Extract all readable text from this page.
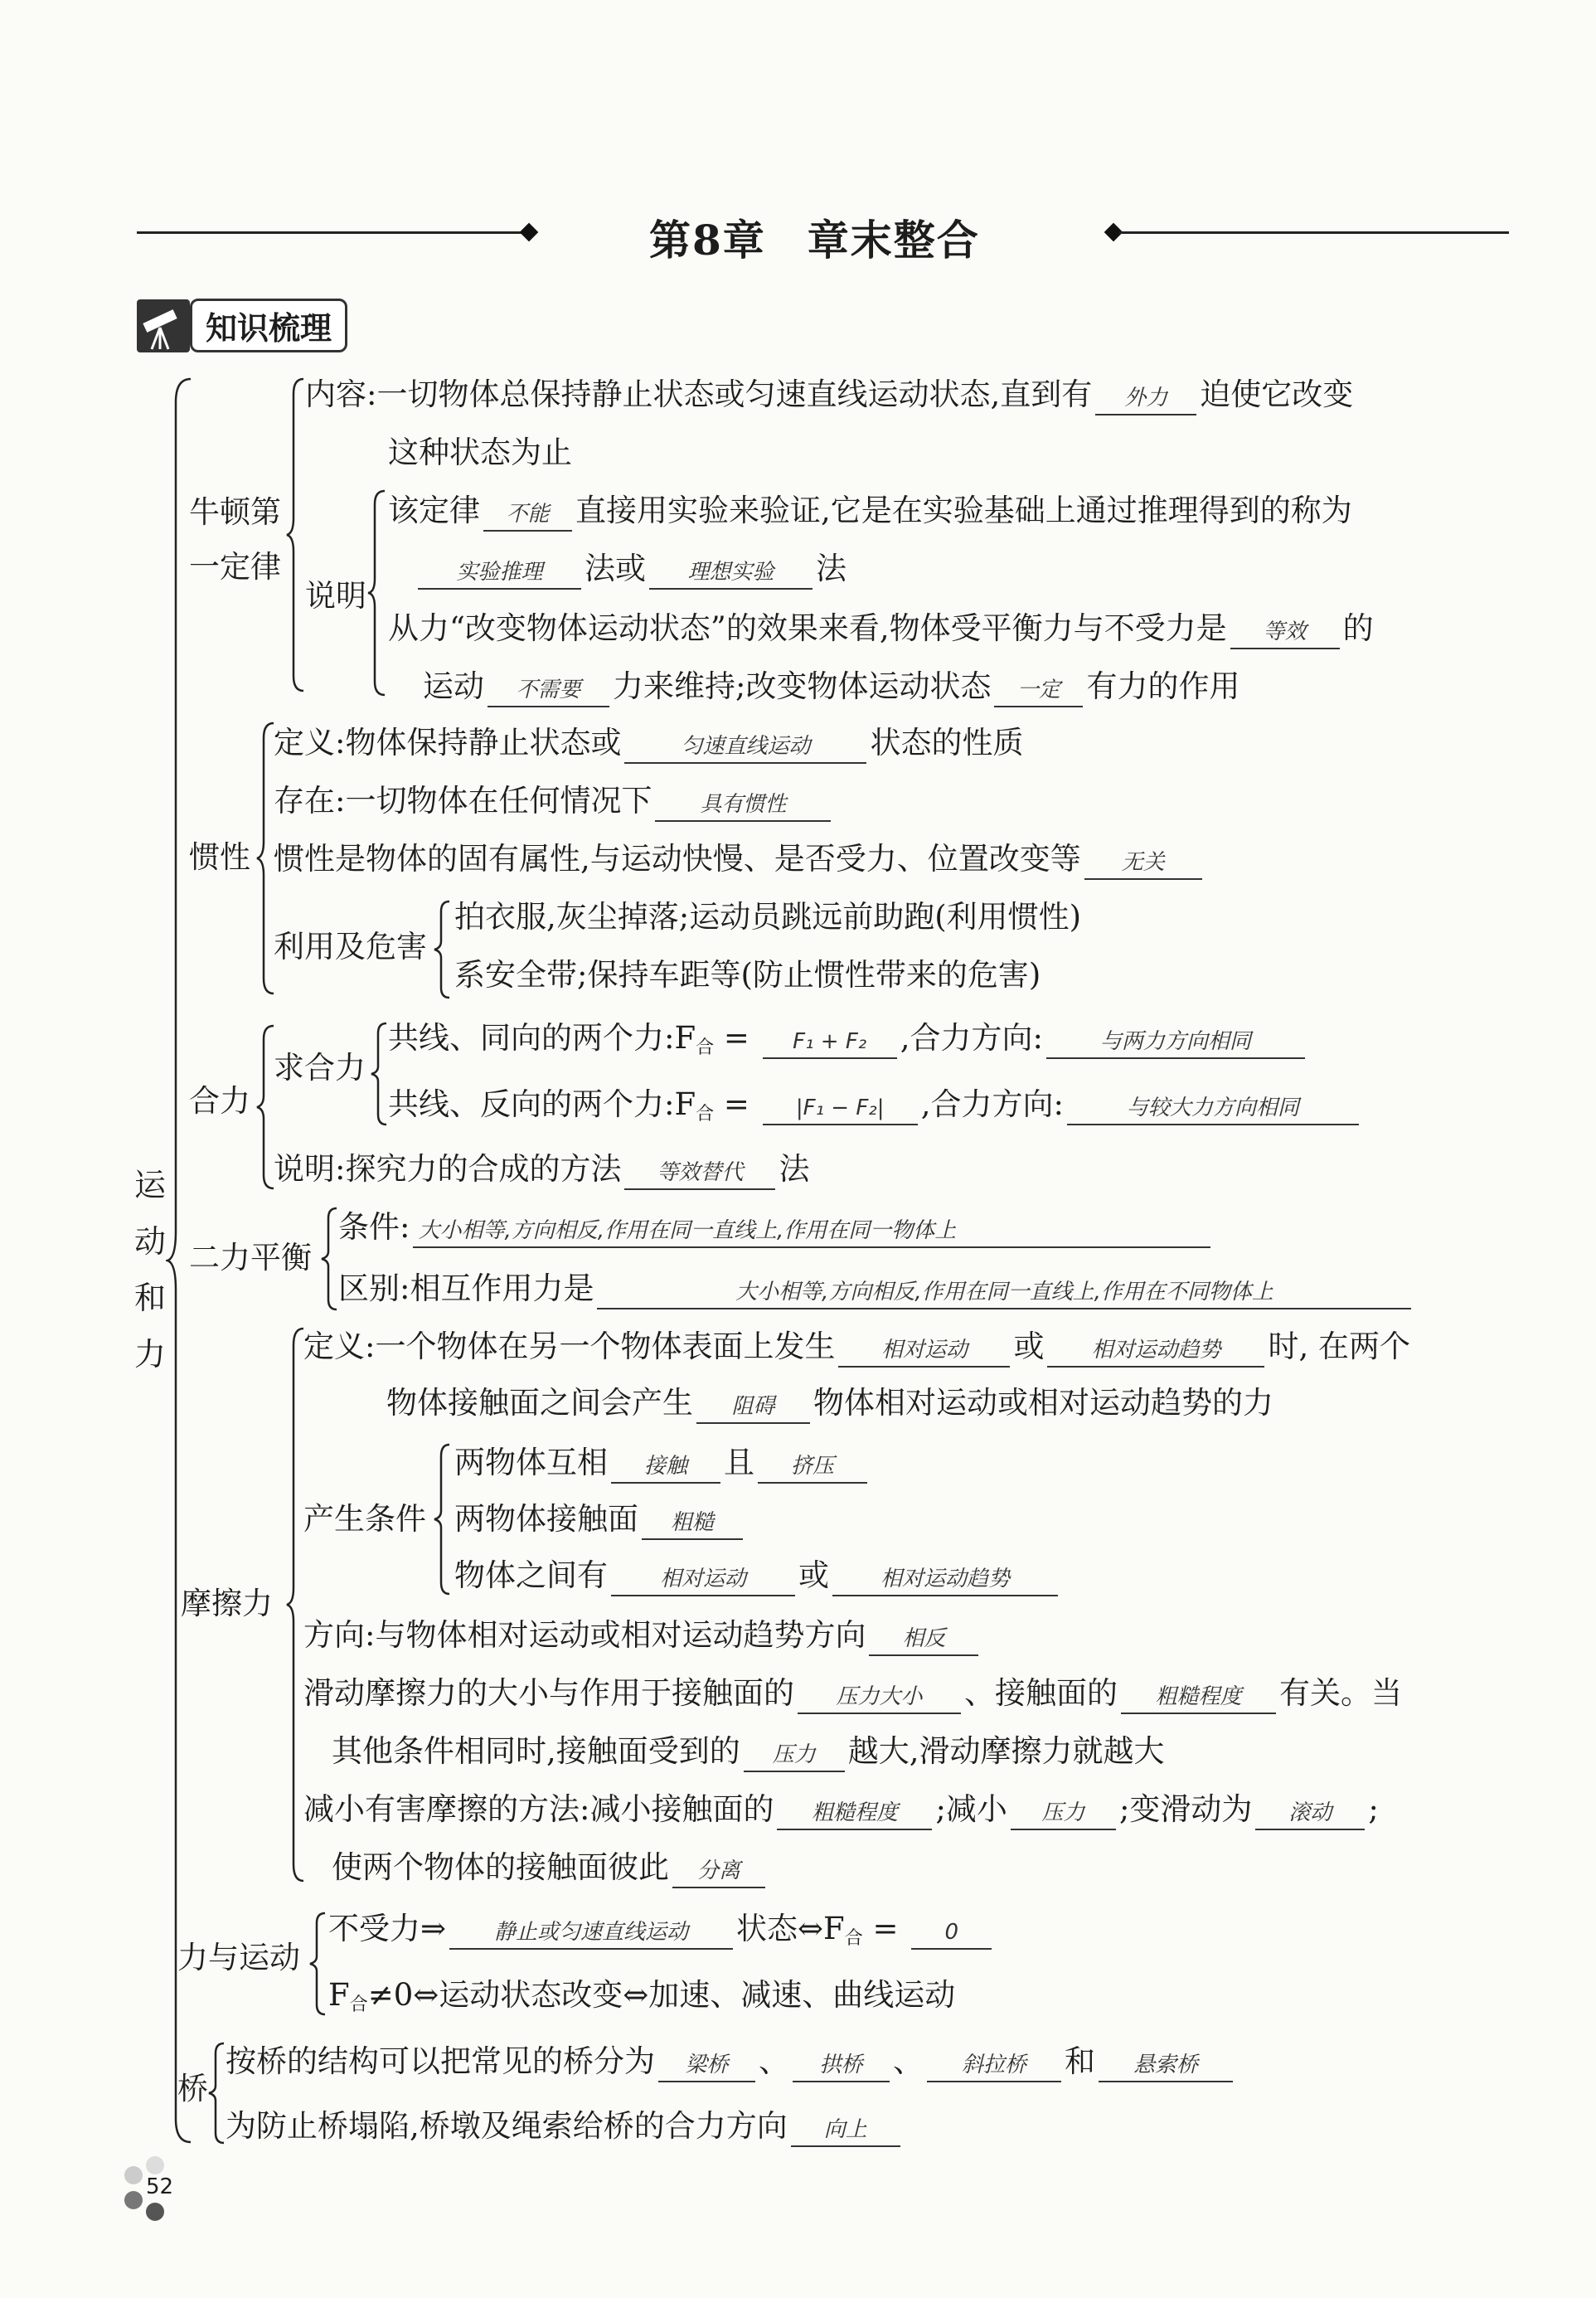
第8章 章末整合
知识梳理
运
动
和
力
牛顿第
一定律
内容:一切物体总保持静止状态或匀速直线运动状态,直到有 外力 迫使它改变
这种状态为止
说明
该定律 不能 直接用实验来验证,它是在实验基础上通过推理得到的称为
实验推理 法或 理想实验 法
从力“改变物体运动状态”的效果来看,物体受平衡力与不受力是 等效 的
运动 不需要 力来维持;改变物体运动状态 一定 有力的作用
惯性
定义:物体保持静止状态或	匀速直线运动 状态的性质
存在:一切物体在任何情况下 具有惯性
惯性是物体的固有属性,与运动快慢、是否受力、位置改变等 无关
利用及危害
拍衣服,灰尘掉落;运动员跳远前助跑(利用惯性)
系安全带;保持车距等(防止惯性带来的危害)
合力
求合力
共线、同向的两个力$:F_合 = F_1 + F_2$ ,合力方向:	与两力方向相同
共线、反向的两个力$:F_合 = |F_1 - F_2|$ ,合力方向:	与较大力方向相同
说明:探究力的合成的方法 等效替代 法
二力平衡
条件: 大小相等,方向相反,作用在同一直线上,作用在同一物体上
区别:相互作用力是	大小相等,方向相反,作用在同一直线上,作用在不同物体上
摩擦力
定义:一个物体在另一个物体表面上发生 相对运动 或 相对运动趋势 时, 在两个
物体接触面之间会产生 阻碍 物体相对运动或相对运动趋势的力
产生条件
两物体互相 接触 且 挤压
两物体接触面 粗糙
物体之间有 相对运动 或 相对运动趋势
方向:与物体相对运动或相对运动趋势方向 相反
滑动摩擦力的大小与作用于接触面的 压力大小 、接触面的 粗糙程度 有关。当
其他条件相同时,接触面受到的 压力 越大,滑动摩擦力就越大
减小有害摩擦的方法:减小接触面的 粗糙程度 ;减小 压力 ;变滑动为 滚动 ;
使两个物体的接触面彼此 分离
力与运动
不受力⇒ 静止或匀速直线运动 状态$\Leftrightarrow F_合 = 0$
$F_合\ne 0\Leftrightarrow$运动状态改变⇔加速、减速、曲线运动
桥
按桥的结构可以把常见的桥分为 梁桥 、 拱桥 、 斜拉桥 和 悬索桥
为防止桥塌陷,桥墩及绳索给桥的合力方向 向上
52
